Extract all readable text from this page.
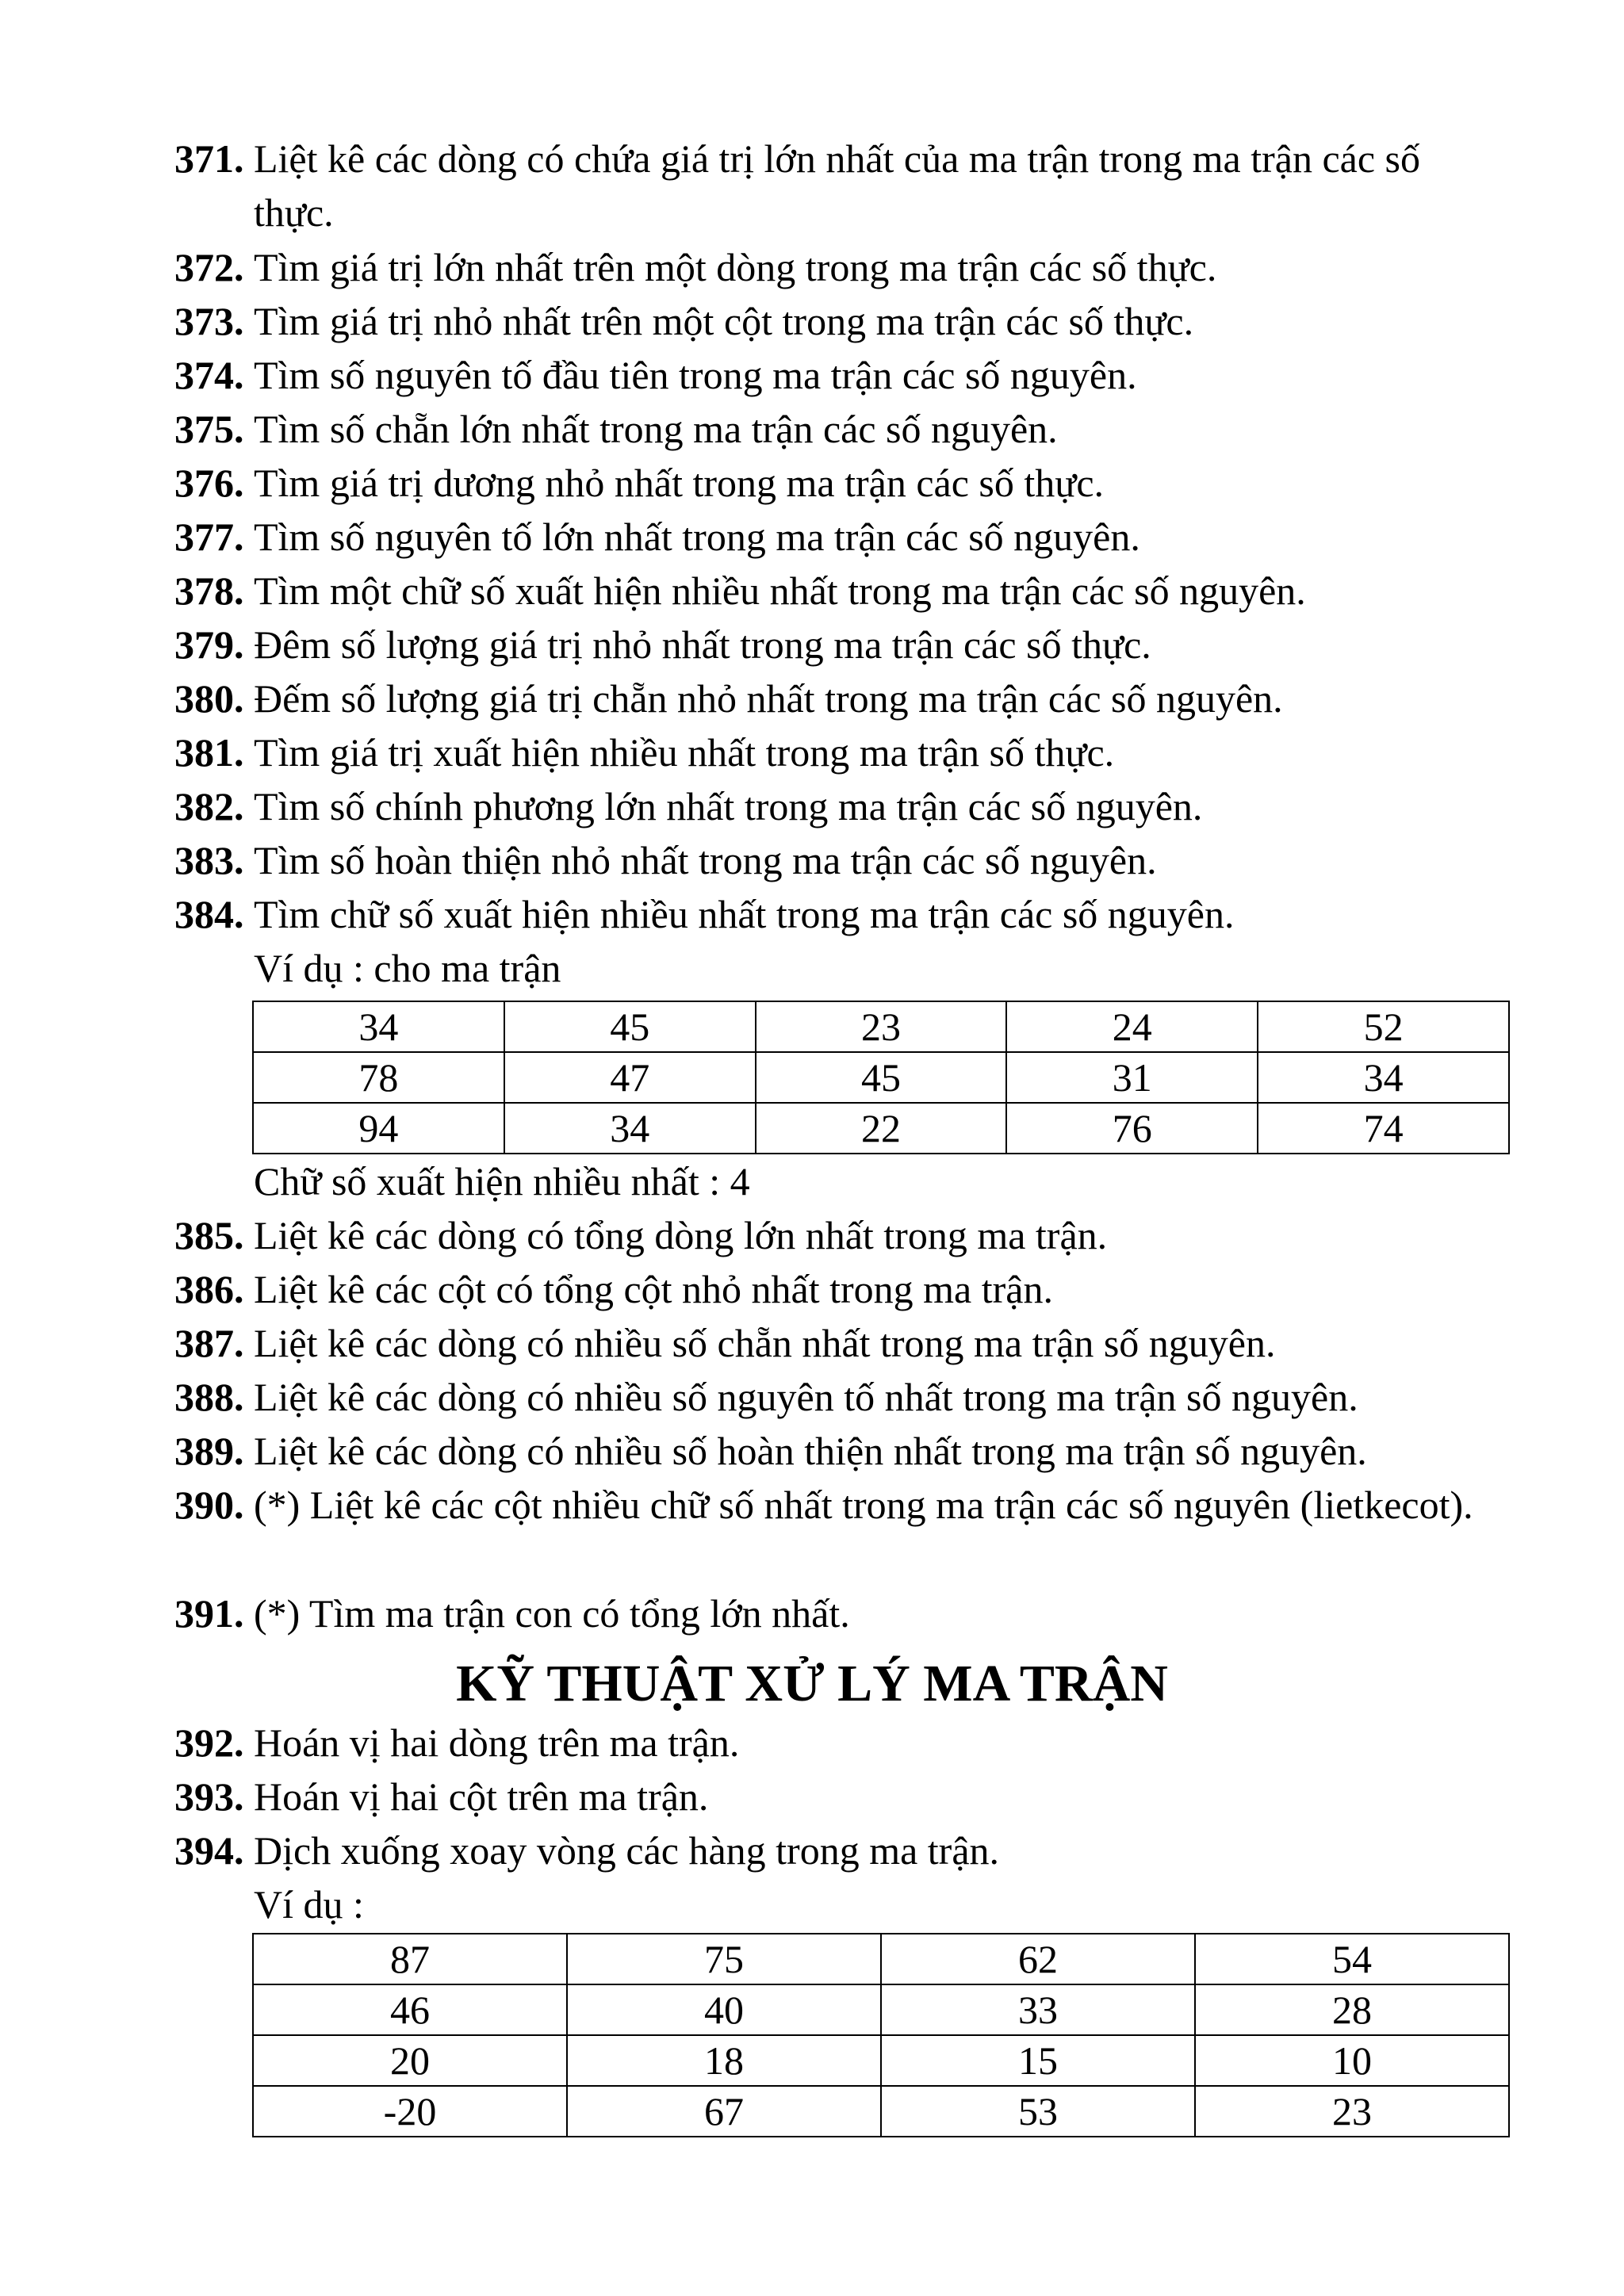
371. Liệt kê các dòng có chứa giá trị lớn nhất của ma trận trong ma trận các số thực.
372. Tìm giá trị lớn nhất trên một dòng trong ma trận các số thực.
373. Tìm giá trị nhỏ nhất trên một cột trong ma trận các số thực.
374. Tìm số nguyên tố đầu tiên trong ma trận các số nguyên.
375. Tìm số chẵn lớn nhất trong ma trận các số nguyên.
376. Tìm giá trị dương nhỏ nhất trong ma trận các số thực.
377. Tìm số nguyên tố lớn nhất trong ma trận các số nguyên.
378. Tìm một chữ số xuất hiện nhiều nhất trong ma trận các số nguyên.
379. Đêm số lượng giá trị nhỏ nhất trong ma trận các số thực.
380. Đếm số lượng giá trị chẵn nhỏ nhất trong ma trận các số nguyên.
381. Tìm giá trị xuất hiện nhiều nhất trong ma trận số thực.
382. Tìm số chính phương lớn nhất trong ma trận các số nguyên.
383. Tìm số hoàn thiện nhỏ nhất trong ma trận các số nguyên.
384. Tìm chữ số xuất hiện nhiều nhất trong ma trận các số nguyên.
Ví dụ : cho ma trận
34	45	23	24	52
78	47	45	31	34
94	34	22	76	74
Chữ số xuất hiện nhiều nhất : 4
385. Liệt kê các dòng có tổng dòng lớn nhất trong ma trận.
386. Liệt kê các cột có tổng cột nhỏ nhất trong ma trận.
387. Liệt kê các dòng có nhiều số chẵn nhất trong ma trận số nguyên.
388. Liệt kê các dòng có nhiều số nguyên tố nhất trong ma trận số nguyên.
389. Liệt kê các dòng có nhiều số hoàn thiện nhất trong ma trận số nguyên.
390. (*) Liệt kê các cột nhiều chữ số nhất trong ma trận các số nguyên (lietkecot).
391. (*) Tìm ma trận con có tổng lớn nhất.
KỸ THUẬT XỬ LÝ MA TRẬN
392. Hoán vị hai dòng trên ma trận.
393. Hoán vị hai cột trên ma trận.
394. Dịch xuống xoay vòng các hàng trong ma trận.
Ví dụ :
87	75	62	54
46	40	33	28
20	18	15	10
-20	67	53	23
